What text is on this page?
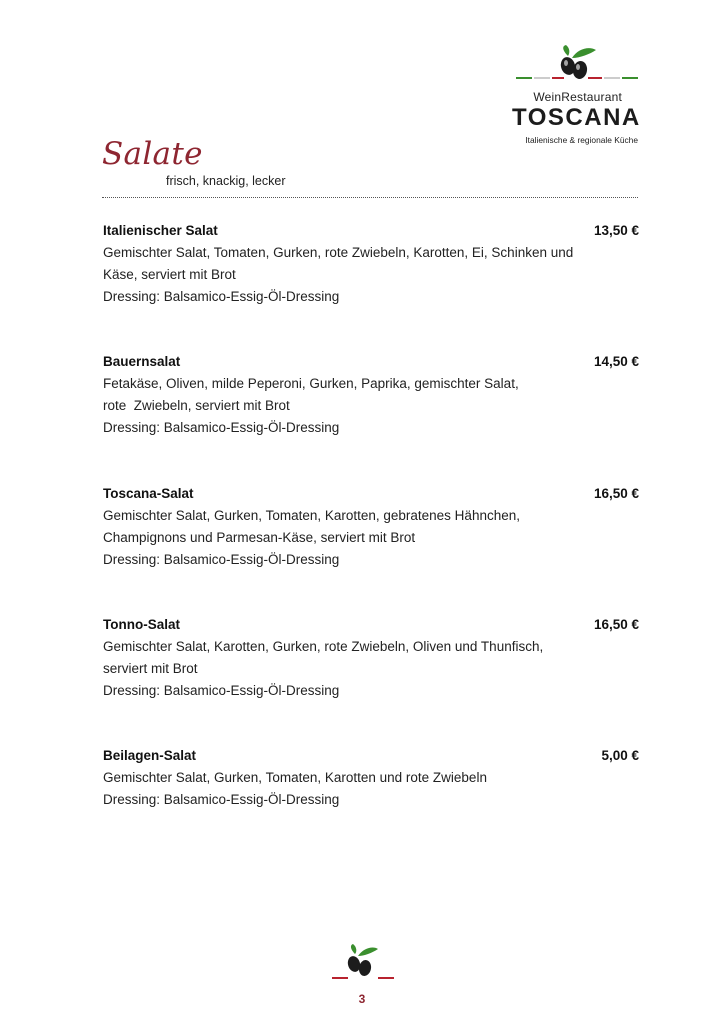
WeinRestaurant
TOSCANA
Italienische & regionale Küche
Salate
frisch, knackig, lecker
Italienischer Salat	13,50 €
Gemischter Salat, Tomaten, Gurken, rote Zwiebeln, Karotten, Ei, Schinken und
Käse, serviert mit Brot
Dressing: Balsamico-Essig-Öl-Dressing
Bauernsalat	14,50 €
Fetakäse, Oliven, milde Peperoni, Gurken, Paprika, gemischter Salat,
rote  Zwiebeln, serviert mit Brot
Dressing: Balsamico-Essig-Öl-Dressing
Toscana-Salat	16,50 €
Gemischter Salat, Gurken, Tomaten, Karotten, gebratenes Hähnchen,
Champignons und Parmesan-Käse, serviert mit Brot
Dressing: Balsamico-Essig-Öl-Dressing
Tonno-Salat	16,50 €
Gemischter Salat, Karotten, Gurken, rote Zwiebeln, Oliven und Thunfisch,
serviert mit Brot
Dressing: Balsamico-Essig-Öl-Dressing
Beilagen-Salat	5,00 €
Gemischter Salat, Gurken, Tomaten, Karotten und rote Zwiebeln
Dressing: Balsamico-Essig-Öl-Dressing
3
